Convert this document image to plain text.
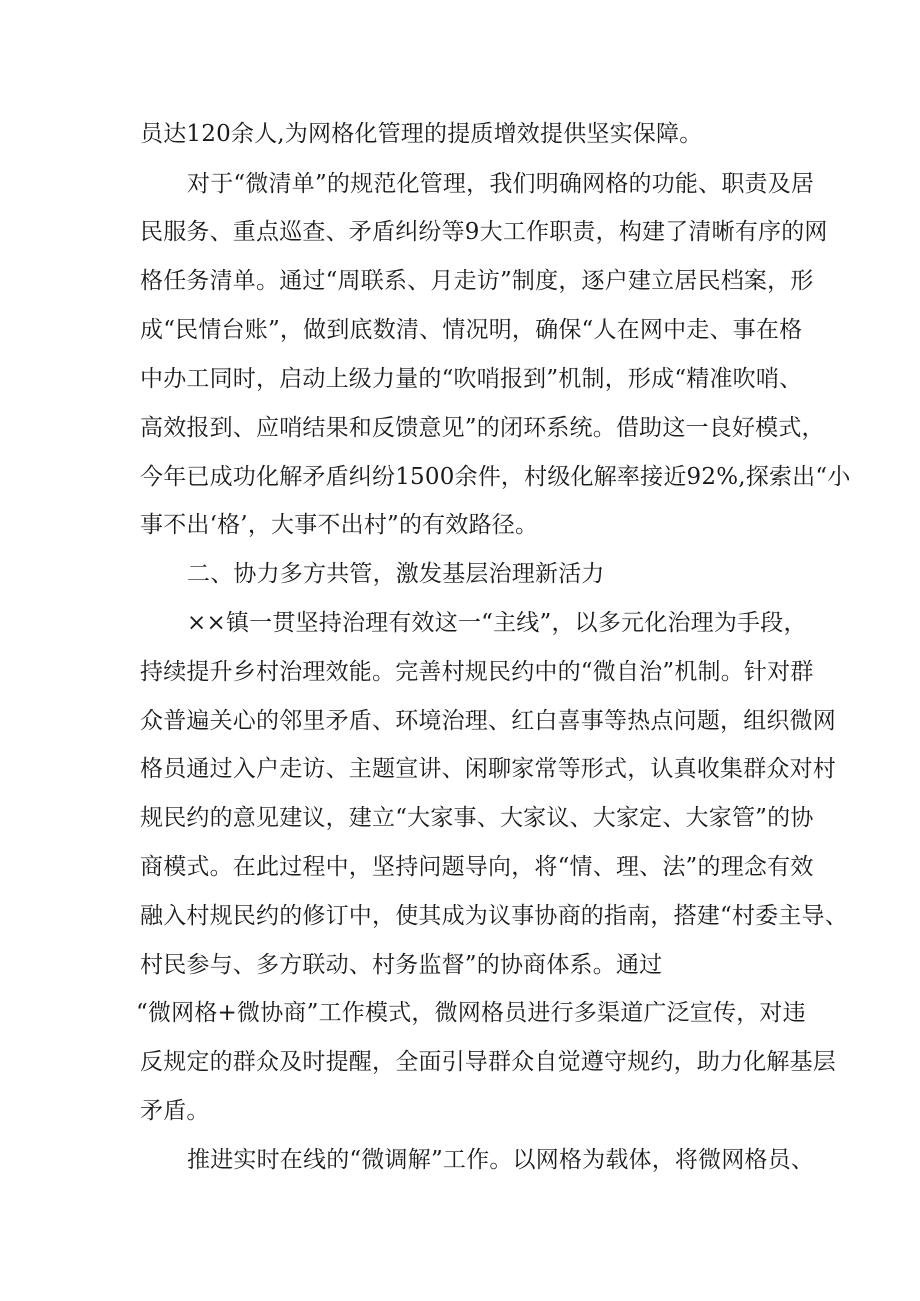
员达120余人,为网格化管理的提质增效提供坚实保障。
对于“微清单”的规范化管理，我们明确网格的功能、职责及居
民服务、重点巡查、矛盾纠纷等9大工作职责，构建了清晰有序的网
格任务清单。通过“周联系、月走访”制度，逐户建立居民档案，形
成“民情台账”，做到底数清、情况明，确保“人在网中走、事在格
中办工同时，启动上级力量的“吹哨报到”机制，形成“精准吹哨、
高效报到、应哨结果和反馈意见”的闭环系统。借助这一良好模式，
今年已成功化解矛盾纠纷1500余件，村级化解率接近92%,探索出“小
事不出‘格’，大事不出村”的有效路径。
二、协力多方共管，激发基层治理新活力
××镇一贯坚持治理有效这一“主线”，以多元化治理为手段，
持续提升乡村治理效能。完善村规民约中的“微自治”机制。针对群
众普遍关心的邻里矛盾、环境治理、红白喜事等热点问题，组织微网
格员通过入户走访、主题宣讲、闲聊家常等形式，认真收集群众对村
规民约的意见建议，建立“大家事、大家议、大家定、大家管”的协
商模式。在此过程中，坚持问题导向，将“情、理、法”的理念有效
融入村规民约的修订中，使其成为议事协商的指南，搭建“村委主导、
村民参与、多方联动、村务监督”的协商体系。通过
“微网格+微协商”工作模式，微网格员进行多渠道广泛宣传，对违
反规定的群众及时提醒，全面引导群众自觉遵守规约，助力化解基层
矛盾。
推进实时在线的“微调解”工作。以网格为载体，将微网格员、
